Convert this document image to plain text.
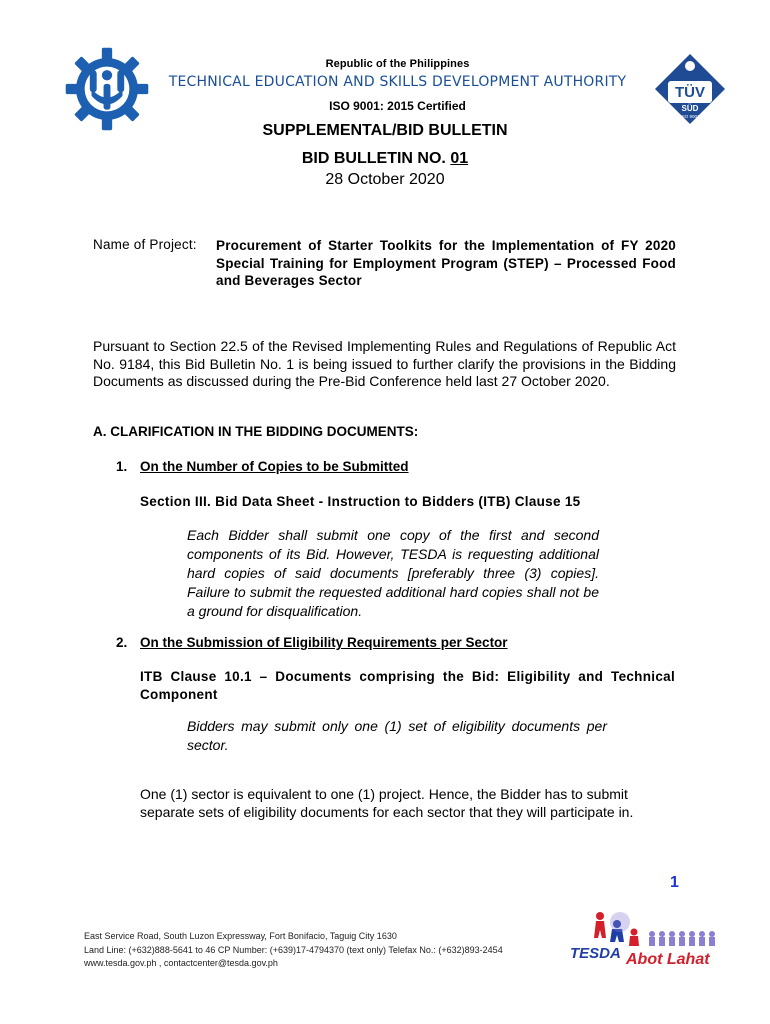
Republic of the Philippines
TECHNICAL EDUCATION AND SKILLS DEVELOPMENT AUTHORITY
ISO 9001: 2015 Certified
TÜV
SÜD
ISO 9001
SUPPLEMENTAL/BID BULLETIN
BID BULLETIN NO. 01
28 October 2020
Name of Project: Procurement of Starter Toolkits for the Implementation of FY 2020 Special Training for Employment Program (STEP) – Processed Food and Beverages Sector
Pursuant to Section 22.5 of the Revised Implementing Rules and Regulations of Republic Act No. 9184, this Bid Bulletin No. 1 is being issued to further clarify the provisions in the Bidding Documents as discussed during the Pre-Bid Conference held last 27 October 2020.
A. CLARIFICATION IN THE BIDDING DOCUMENTS:
1. On the Number of Copies to be Submitted
Section III. Bid Data Sheet - Instruction to Bidders (ITB) Clause 15
Each Bidder shall submit one copy of the first and second components of its Bid. However, TESDA is requesting additional hard copies of said documents [preferably three (3) copies]. Failure to submit the requested additional hard copies shall not be a ground for disqualification.
2. On the Submission of Eligibility Requirements per Sector
ITB Clause 10.1 – Documents comprising the Bid: Eligibility and Technical Component
Bidders may submit only one (1) set of eligibility documents per sector.
One (1) sector is equivalent to one (1) project. Hence, the Bidder has to submit separate sets of eligibility documents for each sector that they will participate in.
1
East Service Road, South Luzon Expressway, Fort Bonifacio, Taguig City 1630
Land Line: (+632)888-5641 to 46 CP Number: (+639)17-4794370 (text only) Telefax No.: (+632)893-2454
www.tesda.gov.ph , contactcenter@tesda.gov.ph
TESDA Abot Lahat
